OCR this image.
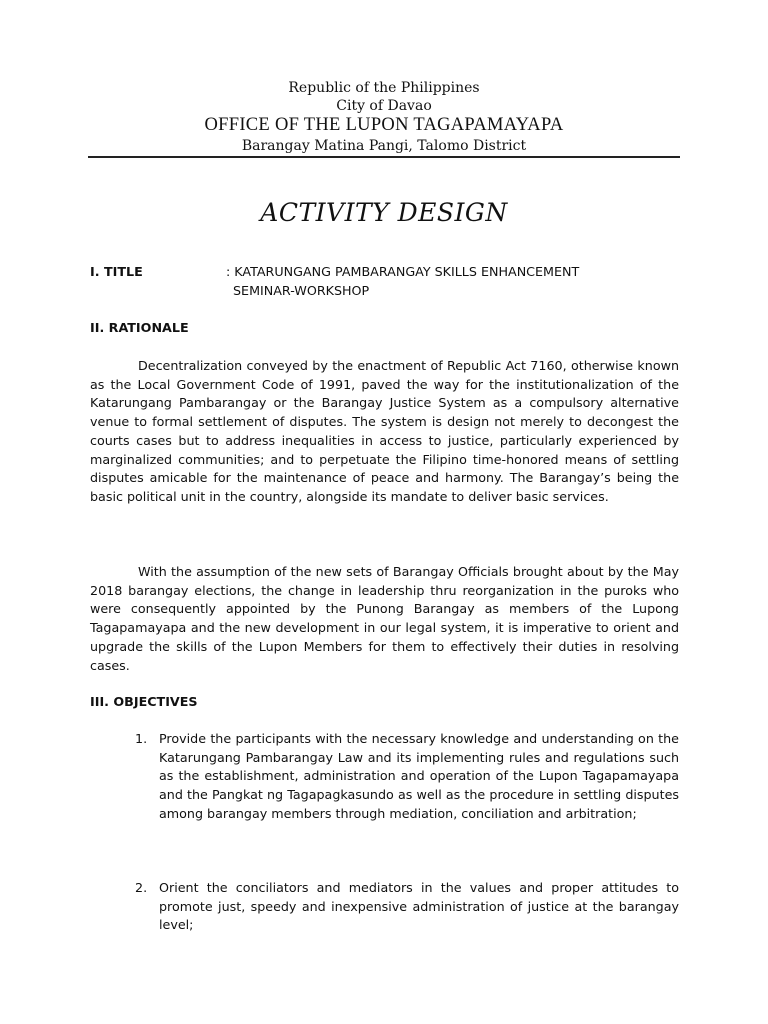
Republic of the Philippines
City of Davao
OFFICE OF THE LUPON TAGAPAMAYAPA
Barangay Matina Pangi, Talomo District
ACTIVITY DESIGN
I. TITLE	: KATARUNGANG PAMBARANGAY SKILLS ENHANCEMENT
SEMINAR-WORKSHOP
II. RATIONALE

Decentralization conveyed by the enactment of Republic Act 7160, otherwise known as the Local Government Code of 1991, paved the way for the institutionalization of the Katarungang Pambarangay or the Barangay Justice System as a compulsory alternative venue to formal settlement of disputes. The system is design not merely to decongest the courts cases but to address inequalities in access to justice, particularly experienced by marginalized communities; and to perpetuate the Filipino time-honored means of settling disputes amicable for the maintenance of peace and harmony. The Barangay’s being the basic political unit in the country, alongside its mandate to deliver basic services.

With the assumption of the new sets of Barangay Officials brought about by the May 2018 barangay elections, the change in leadership thru reorganization in the puroks who were consequently appointed by the Punong Barangay as members of the Lupong Tagapamayapa and the new development in our legal system, it is imperative to orient and upgrade the skills of the Lupon Members for them to effectively their duties in resolving cases.

III. OBJECTIVES
1. Provide the participants with the necessary knowledge and understanding on the Katarungang Pambarangay Law and its implementing rules and regulations such as the establishment, administration and operation of the Lupon Tagapamayapa and the Pangkat ng Tagapagkasundo as well as the procedure in settling disputes among barangay members through mediation, conciliation and arbitration;
2. Orient the conciliators and mediators in the values and proper attitudes to promote just, speedy and inexpensive administration of justice at the barangay level;
